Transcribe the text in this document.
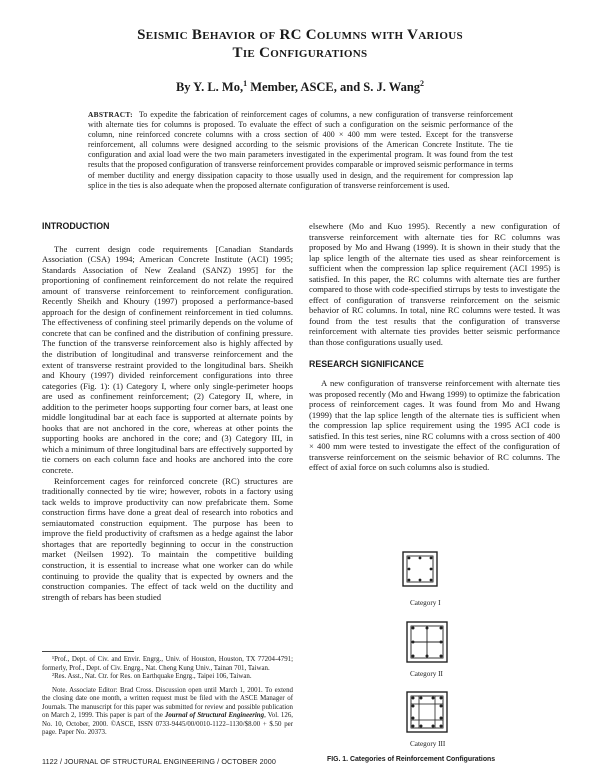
Seismic Behavior of RC Columns with Various
Tie Configurations
By Y. L. Mo,$^1$ Member, ASCE, and S. J. Wang$^2$
ABSTRACT: To expedite the fabrication of reinforcement cages of columns, a new configuration of transverse reinforcement with alternate ties for columns is proposed. To evaluate the effect of such a configuration on the seismic performance of the column, nine reinforced concrete columns with a cross section of 400 × 400 mm were tested. Except for the transverse reinforcement, all columns were designed according to the seismic provisions of the American Concrete Institute. The tie configuration and axial load were the two main parameters investigated in the experimental program. It was found from the test results that the proposed configuration of transverse reinforcement provides comparable or improved seismic performance in terms of member ductility and energy dissipation capacity to those usually used in design, and the requirement for compression lap splice in the ties is also adequate when the proposed alternate configuration of transverse reinforcement is used.
INTRODUCTION

The current design code requirements [Canadian Standards Association (CSA) 1994; American Concrete Institute (ACI) 1995; Standards Association of New Zealand (SANZ) 1995] for the proportioning of confinement reinforcement do not relate the required amount of transverse reinforcement to reinforcement configuration. Recently Sheikh and Khoury (1997) proposed a performance-based approach for the design of confinement reinforcement in tied columns. The effectiveness of confining steel primarily depends on the volume of concrete that can be confined and the distribution of confining pressure. The function of the transverse reinforcement also is highly affected by the distribution of longitudinal and transverse reinforcement and the extent of transverse restraint provided to the longitudinal bars. Sheikh and Khoury (1997) divided reinforcement configurations into three categories (Fig. 1): (1) Category I, where only single-perimeter hoops are used as confinement reinforcement; (2) Category II, where, in addition to the perimeter hoops supporting four corner bars, at least one middle longitudinal bar at each face is supported at alternate points by hooks that are not anchored in the core, whereas at other points the supporting hooks are anchored in the core; and (3) Category III, in which a minimum of three longitudinal bars are effectively supported by tie corners on each column face and hooks are anchored into the core concrete.

Reinforcement cages for reinforced concrete (RC) structures are traditionally connected by tie wire; however, robots in a factory using tack welds to improve productivity can now prefabricate them. Some construction firms have done a great deal of research into robotics and semiautomated construction equipment. The purpose has been to improve the field productivity of craftsmen as a hedge against the labor shortages that are reportedly beginning to occur in the construction market (Neilsen 1992). To maintain the competitive building construction, it is essential to increase what one worker can do while continuing to provide the quality that is expected by owners and the construction companies. The effect of tack weld on the ductility and strength of rebars has been studied

elsewhere (Mo and Kuo 1995). Recently a new configuration of transverse reinforcement with alternate ties for RC columns was proposed by Mo and Hwang (1999). It is shown in their study that the lap splice length of the alternate ties used as shear reinforcement is sufficient when the compression lap splice requirement (ACI 1995) is satisfied. In this paper, the RC columns with alternate ties are further compared to those with code-specified stirrups by tests to investigate the effect of configuration of transverse reinforcement on the seismic behavior of RC columns. In total, nine RC columns were tested. It was found from the test results that the configuration of transverse reinforcement with alternate ties provides better seismic performance than those configurations usually used.

RESEARCH SIGNIFICANCE

A new configuration of transverse reinforcement with alternate ties was proposed recently (Mo and Hwang 1999) to optimize the fabrication process of reinforcement cages. It was found from Mo and Hwang (1999) that the lap splice length of the alternate ties is sufficient when the compression lap splice requirement using the 1995 ACI code is satisfied. In this test series, nine RC columns with a cross section of 400 × 400 mm were tested to investigate the effect of the configuration of transverse reinforcement on the seismic behavior of RC columns. The effect of axial force on such columns also is studied.

¹Prof., Dept. of Civ. and Envir. Engrg., Univ. of Houston, Houston, TX 77204-4791; formerly, Prof., Dept. of Civ. Engrg., Nat. Cheng Kung Univ., Tainan 701, Taiwan.

²Res. Asst., Nat. Ctr. for Res. on Earthquake Engrg., Taipei 106, Taiwan.

Note. Associate Editor: Brad Cross. Discussion open until March 1, 2001. To extend the closing date one month, a written request must be filed with the ASCE Manager of Journals. The manuscript for this paper was submitted for review and possible publication on March 2, 1999. This paper is part of the Journal of Structural Engineering, Vol. 126, No. 10, October, 2000. ©ASCE, ISSN 0733-9445/00/0010-1122–1130/$8.00 + $.50 per page. Paper No. 20373.

1122 / JOURNAL OF STRUCTURAL ENGINEERING / OCTOBER 2000
Category I
Category II
Category III
FIG. 1. Categories of Reinforcement Configurations
